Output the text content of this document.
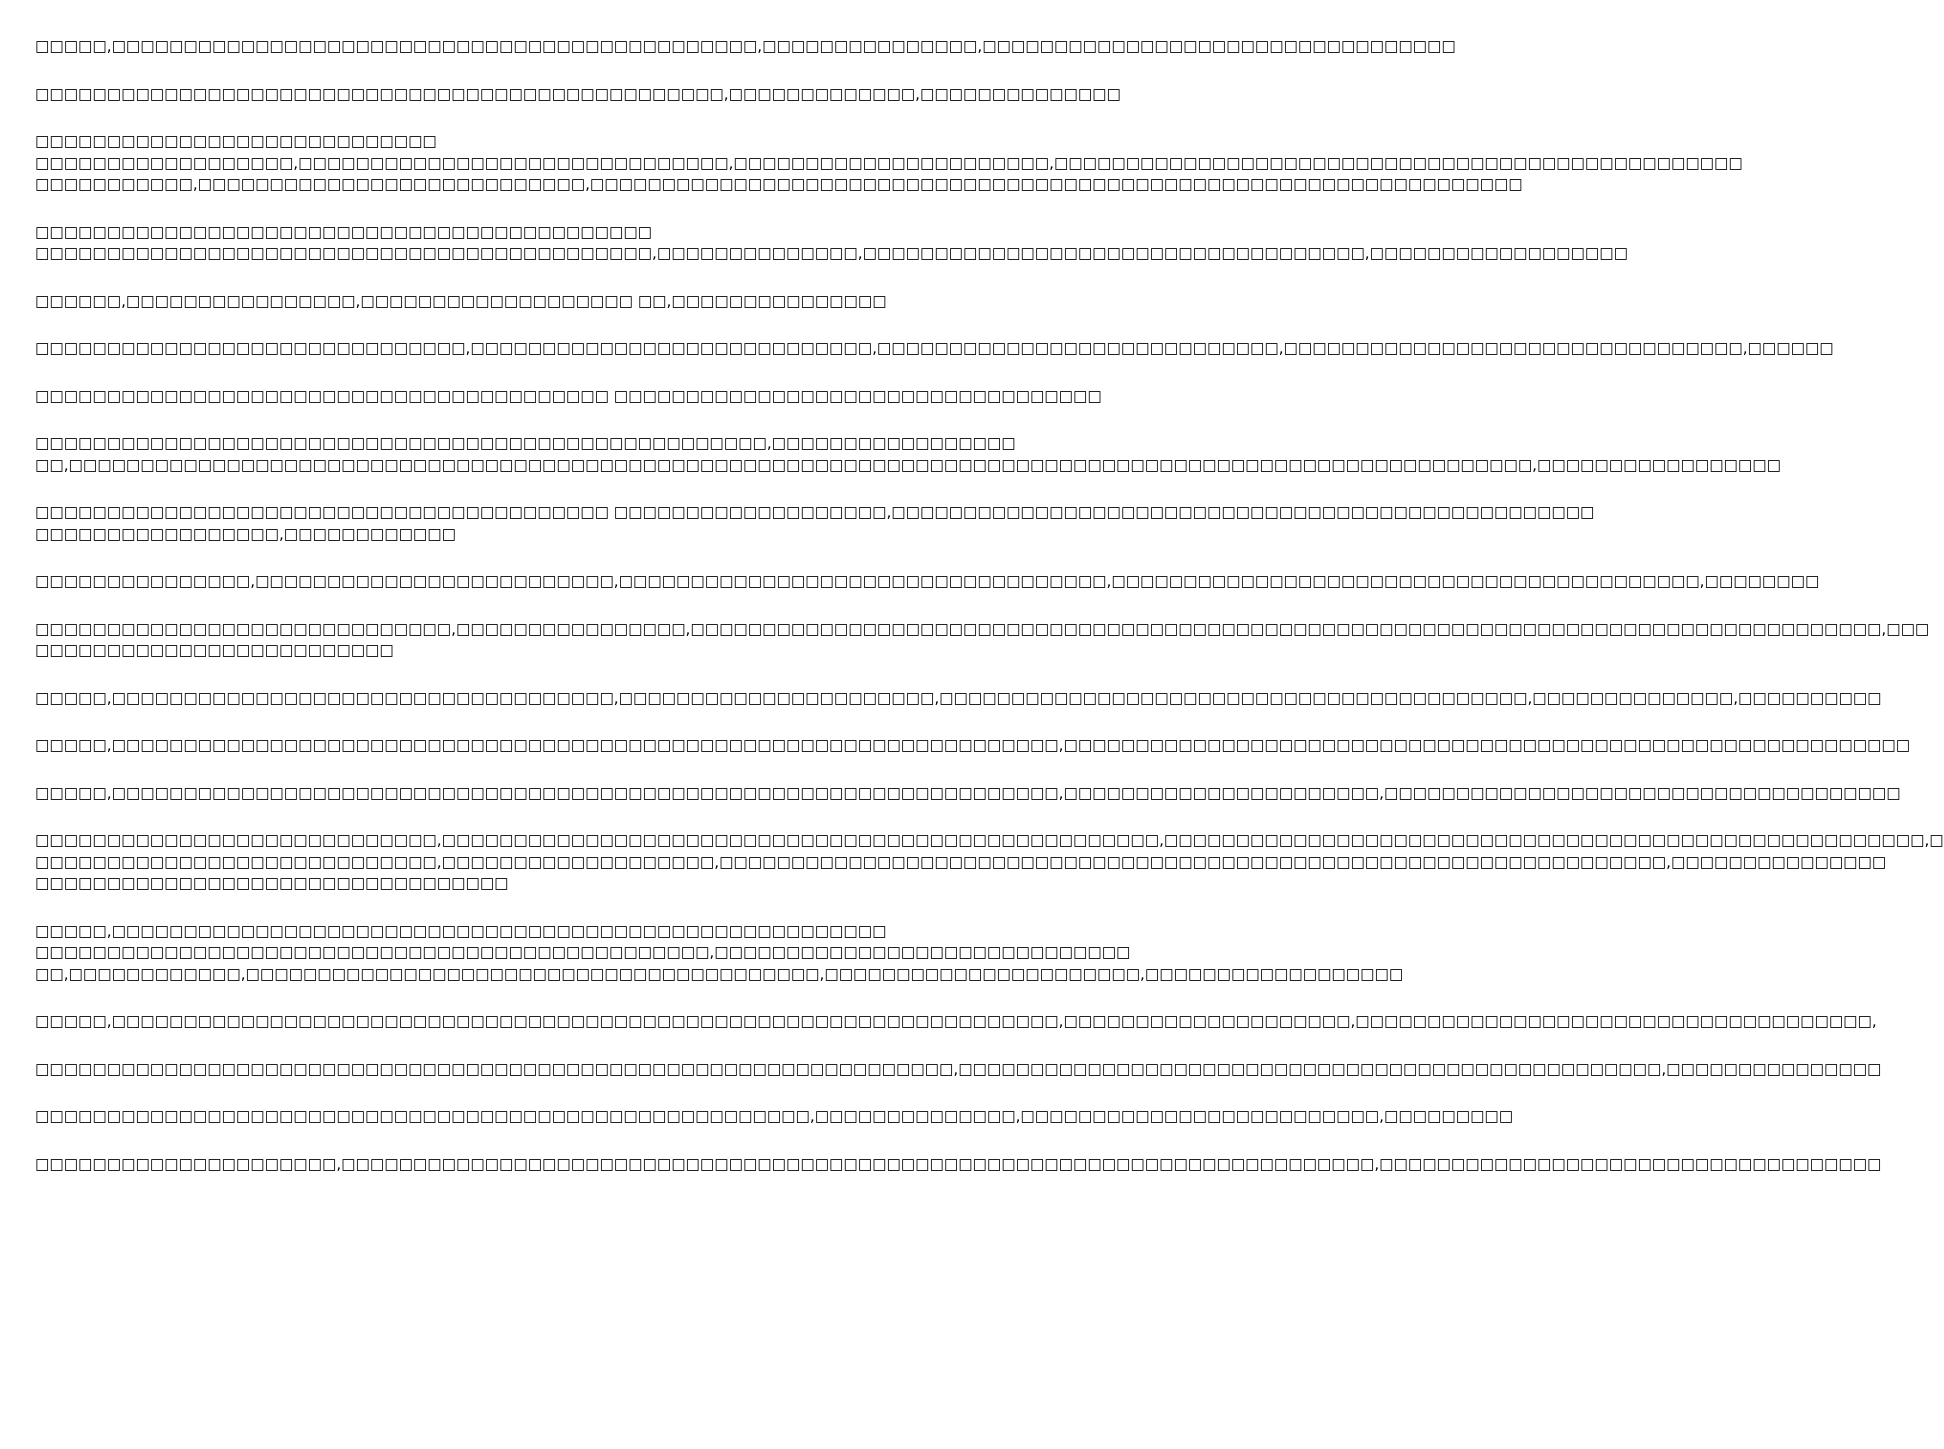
□□□□□,□□□□□□□□□□□□□□□□□□□□□□□□□□□□□□□□□□□□□□□□□□□□□,□□□□□□□□□□□□□□□,□□□□□□□□□□□□□□□□□□□□□□□□□□□□□□□□□
□□□□□□□□□□□□□□□□□□□□□□□□□□□□□□□□□□□□□□□□□□□□□□□□,□□□□□□□□□□□□□,□□□□□□□□□□□□□□
□□□□□□□□□□□□□□□□□□□□□□□□□□□□
□□□□□□□□□□□□□□□□□□,□□□□□□□□□□□□□□□□□□□□□□□□□□□□□□,□□□□□□□□□□□□□□□□□□□□□□,□□□□□□□□□□□□□□□□□□□□□□□□□□□□□□□□□□□□□□□□□□□□□□□□
□□□□□□□□□□□,□□□□□□□□□□□□□□□□□□□□□□□□□□□,□□□□□□□□□□□□□□□□□□□□□□□□□□□□□□□□□□□□□□□□□□□□□□□□□□□□□□□□□□□□□□□□□
□□□□□□□□□□□□□□□□□□□□□□□□□□□□□□□□□□□□□□□□□□□
□□□□□□□□□□□□□□□□□□□□□□□□□□□□□□□□□□□□□□□□□□□,□□□□□□□□□□□□□□,□□□□□□□□□□□□□□□□□□□□□□□□□□□□□□□□□□□,□□□□□□□□□□□□□□□□□□
□□□□□□,□□□□□□□□□□□□□□□□,□□□□□□□□□□□□□□□□□□□ □□,□□□□□□□□□□□□□□□
□□□□□□□□□□□□□□□□□□□□□□□□□□□□□□,□□□□□□□□□□□□□□□□□□□□□□□□□□□□,□□□□□□□□□□□□□□□□□□□□□□□□□□□□,□□□□□□□□□□□□□□□□□□□□□□□□□□□□□□□□,□□□□□□
□□□□□□□□□□□□□□□□□□□□□□□□□□□□□□□□□□□□□□□□ □□□□□□□□□□□□□□□□□□□□□□□□□□□□□□□□□□
□□□□□□□□□□□□□□□□□□□□□□□□□□□□□□□□□□□□□□□□□□□□□□□□□□□,□□□□□□□□□□□□□□□□□
□□,□□□□□□□□□□□□□□□□□□□□□□□□□□□□□□□□□□□□□□□□□□□□□□□□□□□□□□□□□□□□□□□□□□□□□□□□□□□□□□□□□□□□□□□□□□□□□□□□□□□□□□,□□□□□□□□□□□□□□□□□
□□□□□□□□□□□□□□□□□□□□□□□□□□□□□□□□□□□□□□□□ □□□□□□□□□□□□□□□□□□□,□□□□□□□□□□□□□□□□□□□□□□□□□□□□□□□□□□□□□□□□□□□□□□□□□
□□□□□□□□□□□□□□□□□,□□□□□□□□□□□□
□□□□□□□□□□□□□□□,□□□□□□□□□□□□□□□□□□□□□□□□□,□□□□□□□□□□□□□□□□□□□□□□□□□□□□□□□□□□,□□□□□□□□□□□□□□□□□□□□□□□□□□□□□□□□□□□□□□□□□,□□□□□□□□
□□□□□□□□□□□□□□□□□□□□□□□□□□□□□,□□□□□□□□□□□□□□□□,□□□□□□□□□□□□□□□□□□□□□□□□□□□□□□□□□□□□□□□□□□□□□□□□□□□□□□□□□□□□□□□□□□□□□□□□□□□□□□□□□□□,□□□
□□□□□□□□□□□□□□□□□□□□□□□□□
□□□□□,□□□□□□□□□□□□□□□□□□□□□□□□□□□□□□□□□□□,□□□□□□□□□□□□□□□□□□□□□□,□□□□□□□□□□□□□□□□□□□□□□□□□□□□□□□□□□□□□□□□□,□□□□□□□□□□□□□□,□□□□□□□□□□
□□□□□,□□□□□□□□□□□□□□□□□□□□□□□□□□□□□□□□□□□□□□□□□□□□□□□□□□□□□□□□□□□□□□□□□□,□□□□□□□□□□□□□□□□□□□□□□□□□□□□□□□□□□□□□□□□□□□□□□□□□□□□□□□□□□□
□□□□□,□□□□□□□□□□□□□□□□□□□□□□□□□□□□□□□□□□□□□□□□□□□□□□□□□□□□□□□□□□□□□□□□□□,□□□□□□□□□□□□□□□□□□□□□□,□□□□□□□□□□□□□□□□□□□□□□□□□□□□□□□□□□□□
□□□□□□□□□□□□□□□□□□□□□□□□□□□□,□□□□□□□□□□□□□□□□□□□□□□□□□□□□□□□□□□□□□□□□□□□□□□□□□□,□□□□□□□□□□□□□□□□□□□□□□□□□□□□□□□□□□□□□□□□□□□□□□□□□□□□□,□
□□□□□□□□□□□□□□□□□□□□□□□□□□□□,□□□□□□□□□□□□□□□□□□□,□□□□□□□□□□□□□□□□□□□□□□□□□□□□□□□□□□□□□□□□□□□□□□□□□□□□□□□□□□□□□□□□□□,□□□□□□□□□□□□□□□
□□□□□□□□□□□□□□□□□□□□□□□□□□□□□□□□□
□□□□□,□□□□□□□□□□□□□□□□□□□□□□□□□□□□□□□□□□□□□□□□□□□□□□□□□□□□□□
□□□□□□□□□□□□□□□□□□□□□□□□□□□□□□□□□□□□□□□□□□□□□□□,□□□□□□□□□□□□□□□□□□□□□□□□□□□□□
□□,□□□□□□□□□□□□,□□□□□□□□□□□□□□□□□□□□□□□□□□□□□□□□□□□□□□□□,□□□□□□□□□□□□□□□□□□□□□□,□□□□□□□□□□□□□□□□□□
□□□□□,□□□□□□□□□□□□□□□□□□□□□□□□□□□□□□□□□□□□□□□□□□□□□□□□□□□□□□□□□□□□□□□□□□,□□□□□□□□□□□□□□□□□□□□,□□□□□□□□□□□□□□□□□□□□□□□□□□□□□□□□□□□□,
□□□□□□□□□□□□□□□□□□□□□□□□□□□□□□□□□□□□□□□□□□□□□□□□□□□□□□□□□□□□□□□□,□□□□□□□□□□□□□□□□□□□□□□□□□□□□□□□□□□□□□□□□□□□□□□□□□,□□□□□□□□□□□□□□□
□□□□□□□□□□□□□□□□□□□□□□□□□□□□□□□□□□□□□□□□□□□□□□□□□□□□□□,□□□□□□□□□□□□□□,□□□□□□□□□□□□□□□□□□□□□□□□□,□□□□□□□□□
□□□□□□□□□□□□□□□□□□□□□,□□□□□□□□□□□□□□□□□□□□□□□□□□□□□□□□□□□□□□□□□□□□□□□□□□□□□□□□□□□□□□□□□□□□□□□□,□□□□□□□□□□□□□□□□□□□□□□□□□□□□□□□□□□□
